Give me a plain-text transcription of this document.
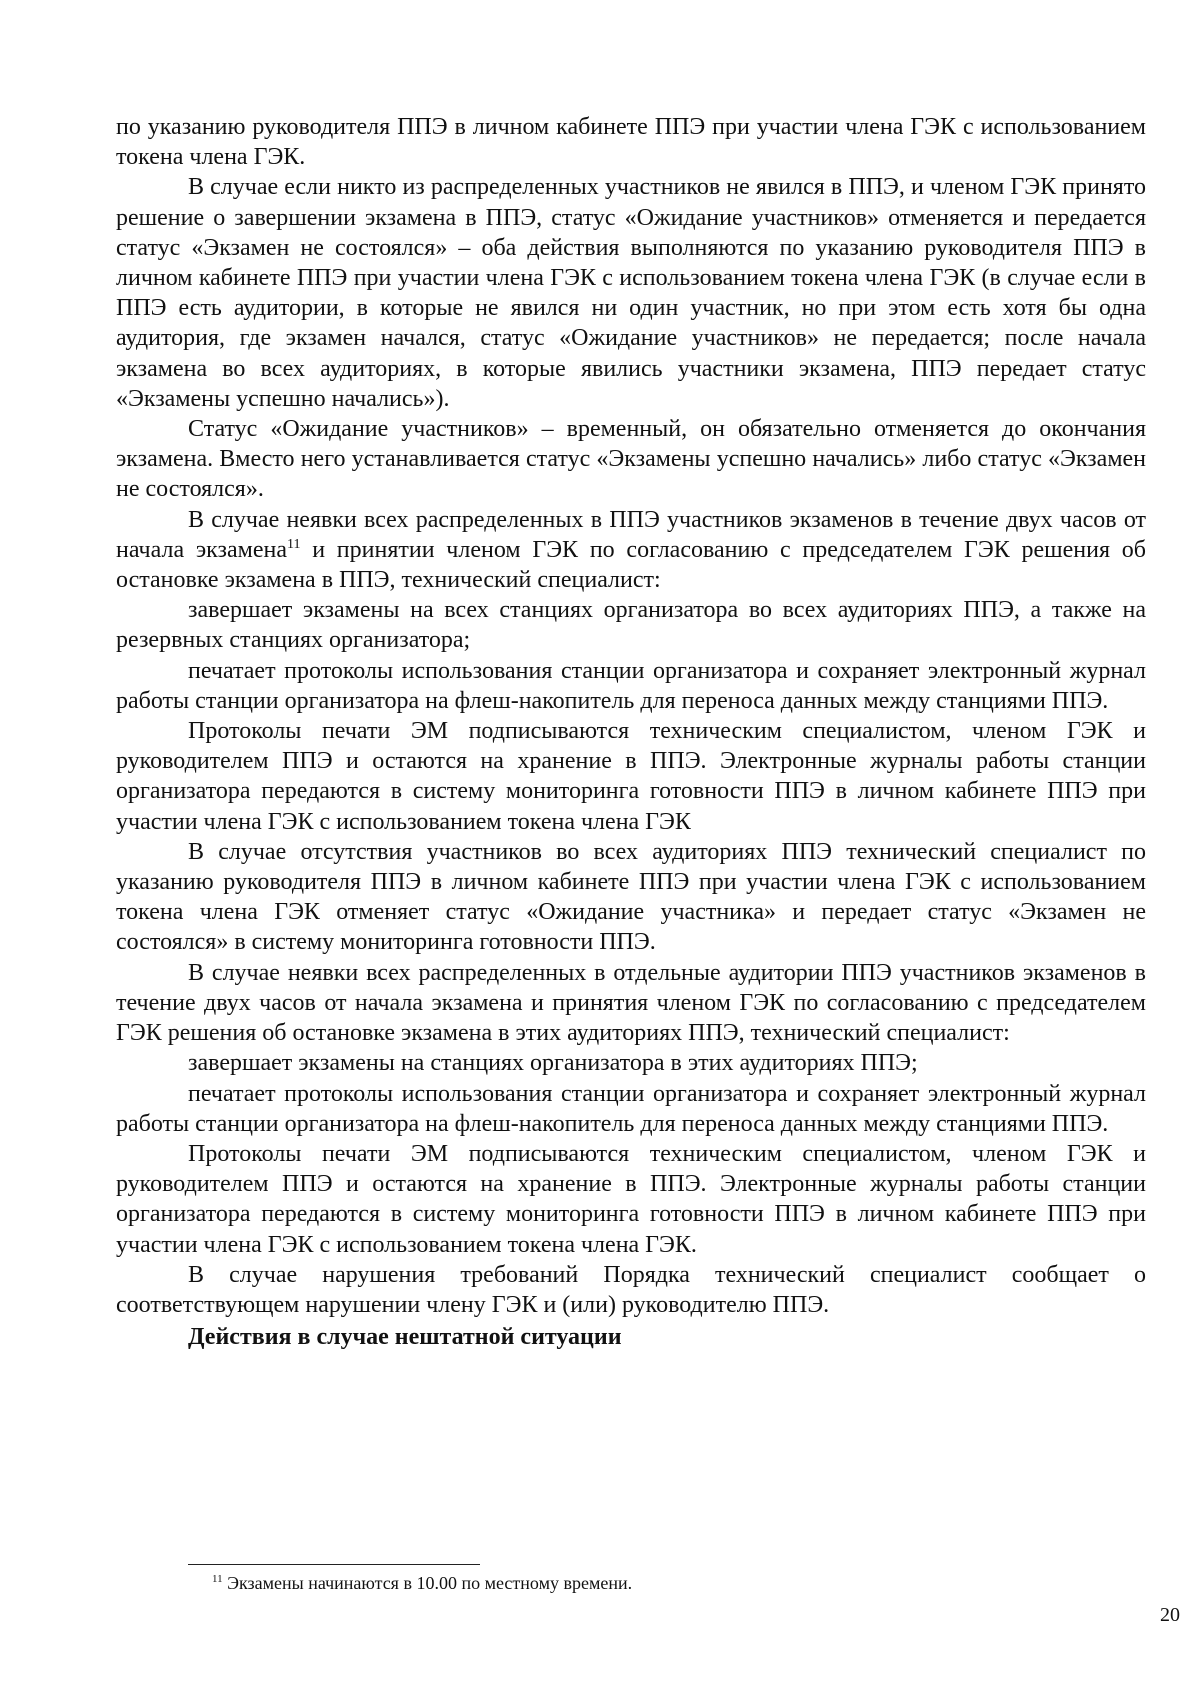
по указанию руководителя ППЭ в личном кабинете ППЭ при участии члена ГЭК с использованием токена члена ГЭК.

В случае если никто из распределенных участников не явился в ППЭ, и членом ГЭК принято решение о завершении экзамена в ППЭ, статус «Ожидание участников» отменяется и передается статус «Экзамен не состоялся» – оба действия выполняются по указанию руководителя ППЭ в личном кабинете ППЭ при участии члена ГЭК с использованием токена члена ГЭК (в случае если в ППЭ есть аудитории, в которые не явился ни один участник, но при этом есть хотя бы одна аудитория, где экзамен начался, статус «Ожидание участников» не передается; после начала экзамена во всех аудиториях, в которые явились участники экзамена, ППЭ передает статус «Экзамены успешно начались»).

Статус «Ожидание участников» – временный, он обязательно отменяется до окончания экзамена. Вместо него устанавливается статус «Экзамены успешно начались» либо статус «Экзамен не состоялся».

В случае неявки всех распределенных в ППЭ участников экзаменов в течение двух часов от начала экзамена$^{11}$ и принятии членом ГЭК по согласованию с председателем ГЭК решения об остановке экзамена в ППЭ, технический специалист:

завершает экзамены на всех станциях организатора во всех аудиториях ППЭ, а также на резервных станциях организатора;

печатает протоколы использования станции организатора и сохраняет электронный журнал работы станции организатора на флеш-накопитель для переноса данных между станциями ППЭ.

Протоколы печати ЭМ подписываются техническим специалистом, членом ГЭК и руководителем ППЭ и остаются на хранение в ППЭ. Электронные журналы работы станции организатора передаются в систему мониторинга готовности ППЭ в личном кабинете ППЭ при участии члена ГЭК с использованием токена члена ГЭК

В случае отсутствия участников во всех аудиториях ППЭ технический специалист по указанию руководителя ППЭ в личном кабинете ППЭ при участии члена ГЭК с использованием токена члена ГЭК отменяет статус «Ожидание участника» и передает статус «Экзамен не состоялся» в систему мониторинга готовности ППЭ.

В случае неявки всех распределенных в отдельные аудитории ППЭ участников экзаменов в течение двух часов от начала экзамена и принятия членом ГЭК по согласованию с председателем ГЭК решения об остановке экзамена в этих аудиториях ППЭ, технический специалист:

завершает экзамены на станциях организатора в этих аудиториях ППЭ;

печатает протоколы использования станции организатора и сохраняет электронный журнал работы станции организатора на флеш-накопитель для переноса данных между станциями ППЭ.

Протоколы печати ЭМ подписываются техническим специалистом, членом ГЭК и руководителем ППЭ и остаются на хранение в ППЭ. Электронные журналы работы станции организатора передаются в систему мониторинга готовности ППЭ в личном кабинете ППЭ при участии члена ГЭК с использованием токена члена ГЭК.

В случае нарушения требований Порядка технический специалист сообщает о соответствующем нарушении члену ГЭК и (или) руководителю ППЭ.

Действия в случае нештатной ситуации

$^{11}$ Экзамены начинаются в 10.00 по местному времени.
20
